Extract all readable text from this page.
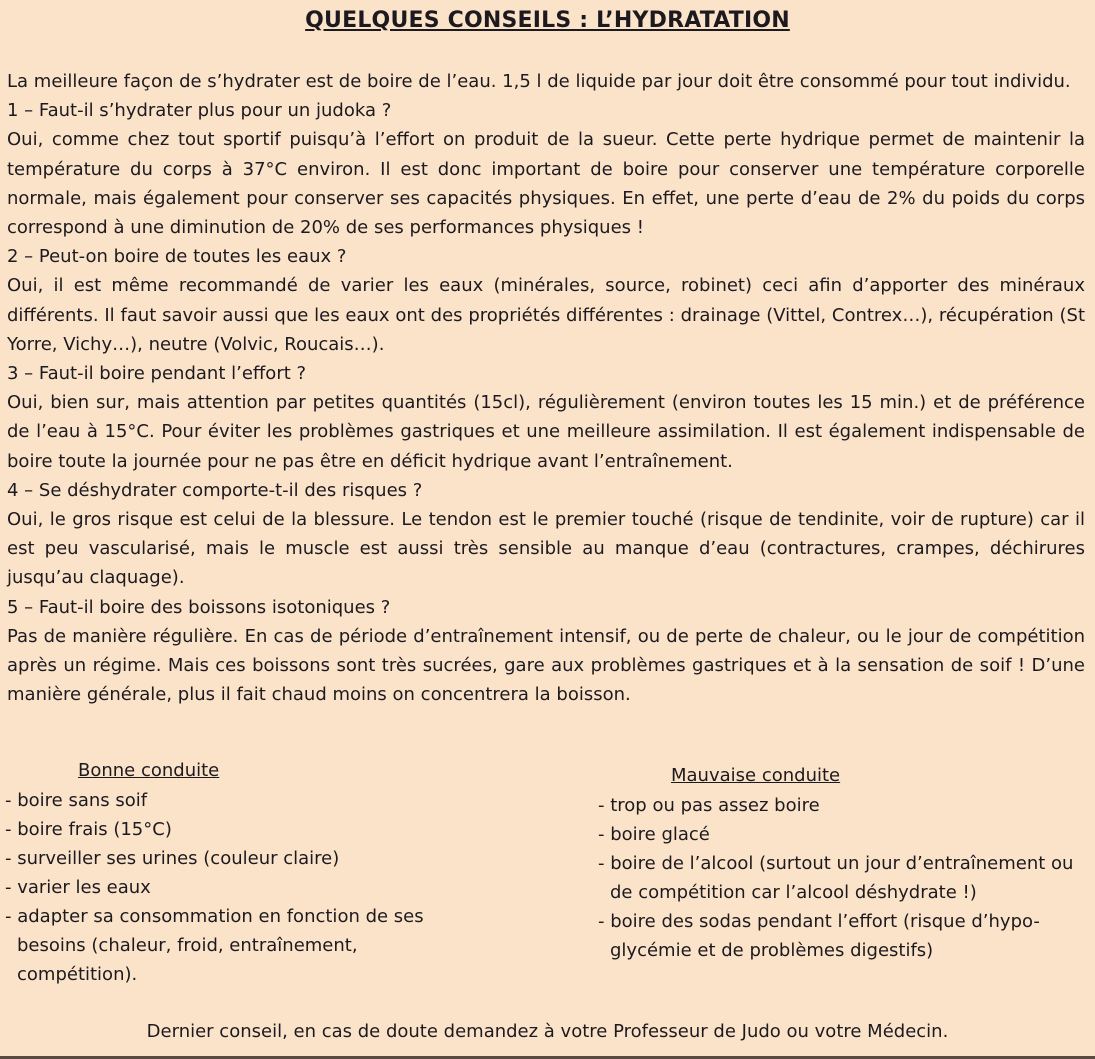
QUELQUES CONSEILS : L’HYDRATATION

La meilleure façon de s’hydrater est de boire de l’eau. 1,5 l de liquide par jour doit être consommé pour tout individu.

1 – Faut-il s’hydrater plus pour un judoka ?

Oui, comme chez tout sportif puisqu’à l’effort on produit de la sueur. Cette perte hydrique permet de maintenir la température du corps à 37°C environ. Il est donc important de boire pour conserver une température corporelle normale, mais également pour conserver ses capacités physiques. En effet, une perte d’eau de 2% du poids du corps correspond à une diminution de 20% de ses performances physiques !

2 – Peut-on boire de toutes les eaux ?

Oui, il est même recommandé de varier les eaux (minérales, source, robinet) ceci afin d’apporter des minéraux différents. Il faut savoir aussi que les eaux ont des propriétés différentes : drainage (Vittel, Contrex…), récupération (St Yorre, Vichy…), neutre (Volvic, Roucais…).

3 – Faut-il boire pendant l’effort ?

Oui, bien sur, mais attention par petites quantités (15cl), régulièrement (environ toutes les 15 min.) et de préférence de l’eau à 15°C. Pour éviter les problèmes gastriques et une meilleure assimilation. Il est également indispensable de boire toute la journée pour ne pas être en déficit hydrique avant l’entraînement.

4 – Se déshydrater comporte-t-il des risques ?

Oui, le gros risque est celui de la blessure. Le tendon est le premier touché (risque de tendinite, voir de rupture) car il est peu vascularisé, mais le muscle est aussi très sensible au manque d’eau (contractures, crampes, déchirures jusqu’au claquage).

5 – Faut-il boire des boissons isotoniques ?

Pas de manière régulière. En cas de période d’entraînement intensif, ou de perte de chaleur, ou le jour de compétition après un régime. Mais ces boissons sont très sucrées, gare aux problèmes gastriques et à la sensation de soif ! D’une manière générale, plus il fait chaud moins on concentrera la boisson.

Bonne conduite
- boire sans soif
- boire frais (15°C)
- surveiller ses urines (couleur claire)
- varier les eaux
- adapter sa consommation en fonction de ses besoins (chaleur, froid, entraînement, compétition).
Mauvaise conduite
- trop ou pas assez boire
- boire glacé
- boire de l’alcool (surtout un jour d’entraînement ou de compétition car l’alcool déshydrate !)
- boire des sodas pendant l’effort (risque d’hypo-glycémie et de problèmes digestifs)
Dernier conseil, en cas de doute demandez à votre Professeur de Judo ou votre Médecin.
